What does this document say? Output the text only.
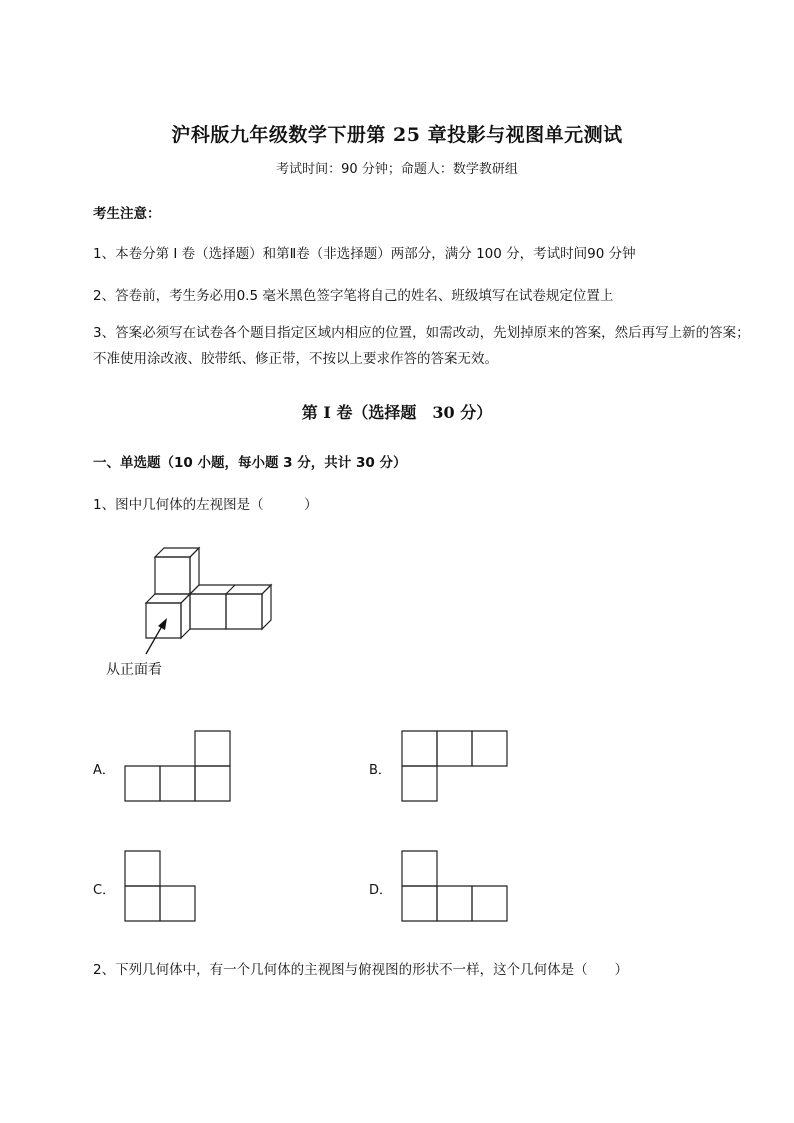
沪科版九年级数学下册第 25 章投影与视图单元测试
考试时间：90 分钟；命题人：数学教研组
考生注意：
1、本卷分第 I 卷（选择题）和第Ⅱ卷（非选择题）两部分，满分 100 分，考试时间90 分钟
2、答卷前，考生务必用0.5 毫米黑色签字笔将自己的姓名、班级填写在试卷规定位置上
3、答案必须写在试卷各个题目指定区域内相应的位置，如需改动，先划掉原来的答案，然后再写上新的答案；不准使用涂改液、胶带纸、修正带，不按以上要求作答的答案无效。
第 I 卷（选择题　30 分）
一、单选题（10 小题，每小题 3 分，共计 30 分）
1、图中几何体的左视图是（　　　）
从正面看
A．	B．
C．	D．
2、下列几何体中，有一个几何体的主视图与俯视图的形状不一样，这个几何体是（　　）
